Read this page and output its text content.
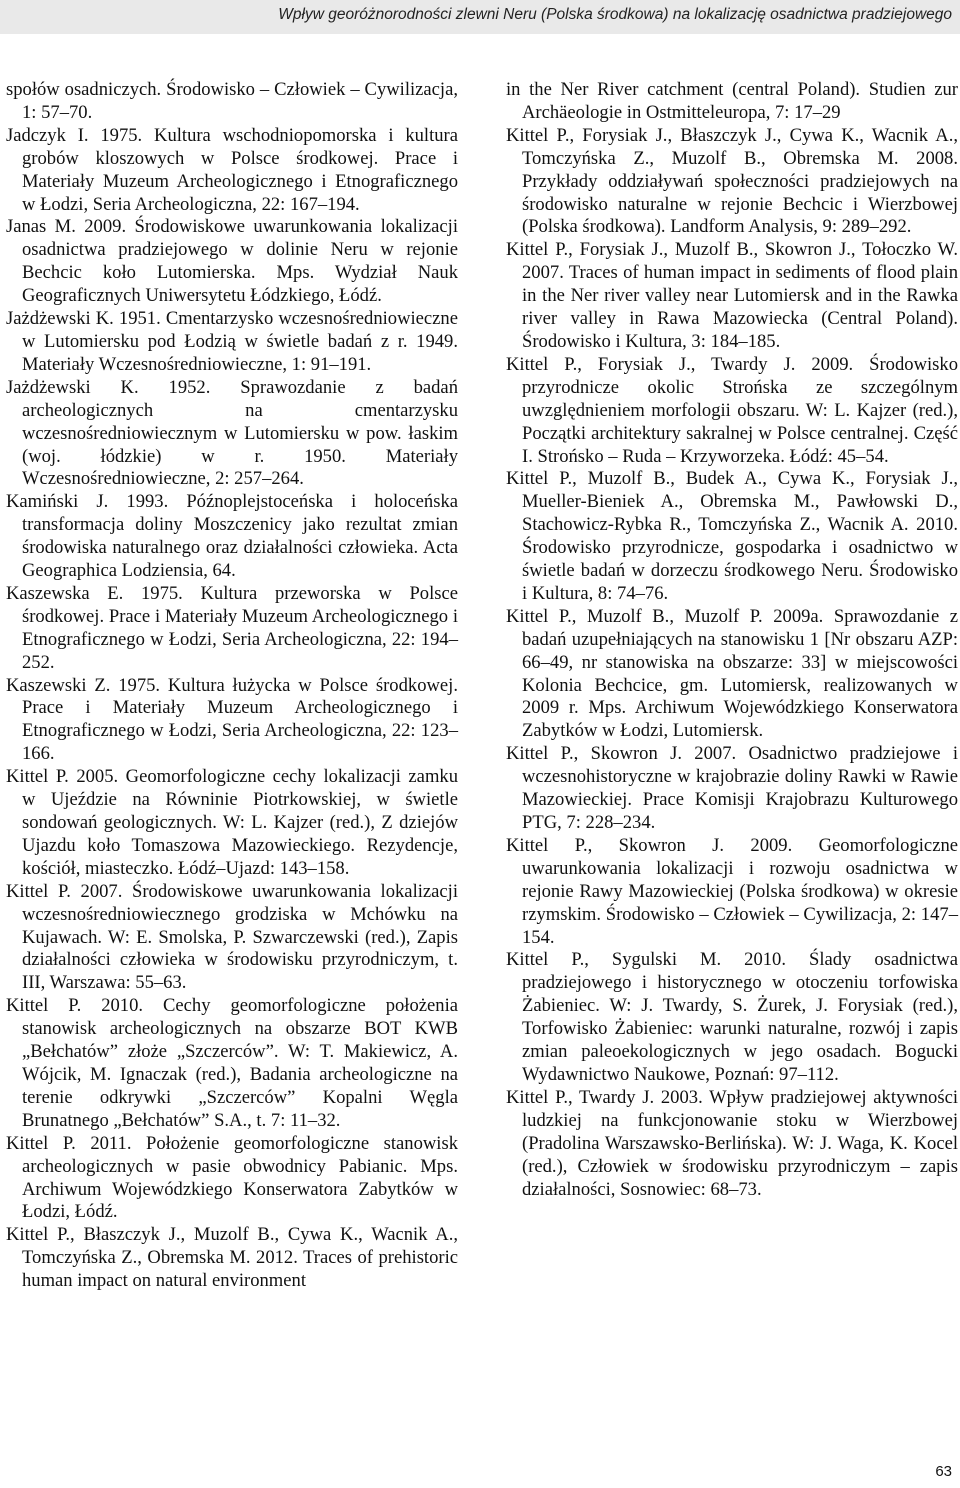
Wpływ georóżnorodności zlewni Neru (Polska środkowa) na lokalizację osadnictwa pradziejowego
społów osadniczych. Środowisko – Człowiek – Cywilizacja, 1: 57–70.
Jadczyk I. 1975. Kultura wschodniopomorska i kultura grobów kloszowych w Polsce środkowej. Prace i Materiały Muzeum Archeologicznego i Etnograficznego w Łodzi, Seria Archeologiczna, 22: 167–194.
Janas M. 2009. Środowiskowe uwarunkowania lokalizacji osadnictwa pradziejowego w dolinie Neru w rejonie Bechcic koło Lutomierska. Mps. Wydział Nauk Geograficznych Uniwersytetu Łódzkiego, Łódź.
Jażdżewski K. 1951. Cmentarzysko wczesnośredniowieczne w Lutomiersku pod Łodzią w świetle badań z r. 1949. Materiały Wczesnośredniowieczne, 1: 91–191.
Jażdżewski K. 1952. Sprawozdanie z badań archeologicznych na cmentarzysku wczesnośredniowiecznym w Lutomiersku w pow. łaskim (woj. łódzkie) w r. 1950. Materiały Wczesnośredniowieczne, 2: 257–264.
Kamiński J. 1993. Późnoplejstoceńska i holoceńska transformacja doliny Moszczenicy jako rezultat zmian środowiska naturalnego oraz działalności człowieka. Acta Geographica Lodziensia, 64.
Kaszewska E. 1975. Kultura przeworska w Polsce środkowej. Prace i Materiały Muzeum Archeologicznego i Etnograficznego w Łodzi, Seria Archeologiczna, 22: 194–252.
Kaszewski Z. 1975. Kultura łużycka w Polsce środkowej. Prace i Materiały Muzeum Archeologicznego i Etnograficznego w Łodzi, Seria Archeologiczna, 22: 123–166.
Kittel P. 2005. Geomorfologiczne cechy lokalizacji zamku w Ujeździe na Równinie Piotrkowskiej, w świetle sondowań geologicznych. W: L. Kajzer (red.), Z dziejów Ujazdu koło Tomaszowa Mazowieckiego. Rezydencje, kościół, miasteczko. Łódź–Ujazd: 143–158.
Kittel P. 2007. Środowiskowe uwarunkowania lokalizacji wczesnośredniowiecznego grodziska w Mchówku na Kujawach. W: E. Smolska, P. Szwarczewski (red.), Zapis działalności człowieka w środowisku przyrodniczym, t. III, Warszawa: 55–63.
Kittel P. 2010. Cechy geomorfologiczne położenia stanowisk archeologicznych na obszarze BOT KWB „Bełchatów” złoże „Szczerców”. W: T. Makiewicz, A. Wójcik, M. Ignaczak (red.), Badania archeologiczne na terenie odkrywki „Szczerców” Kopalni Węgla Brunatnego „Bełchatów” S.A., t. 7: 11–32.
Kittel P. 2011. Położenie geomorfologiczne stanowisk archeologicznych w pasie obwodnicy Pabianic. Mps. Archiwum Wojewódzkiego Konserwatora Zabytków w Łodzi, Łódź.
Kittel P., Błaszczyk J., Muzolf B., Cywa K., Wacnik A., Tomczyńska Z., Obremska M. 2012. Traces of prehistoric human impact on natural environment
in the Ner River catchment (central Poland). Studien zur Archäeologie in Ostmitteleuropa, 7: 17–29
Kittel P., Forysiak J., Błaszczyk J., Cywa K., Wacnik A., Tomczyńska Z., Muzolf B., Obremska M. 2008. Przykłady oddziaływań społeczności pradziejowych na środowisko naturalne w rejonie Bechcic i Wierzbowej (Polska środkowa). Landform Analysis, 9: 289–292.
Kittel P., Forysiak J., Muzolf B., Skowron J., Tołoczko W. 2007. Traces of human impact in sediments of flood plain in the Ner river valley near Lutomiersk and in the Rawka river valley in Rawa Mazowiecka (Central Poland). Środowisko i Kultura, 3: 184–185.
Kittel P., Forysiak J., Twardy J. 2009. Środowisko przyrodnicze okolic Strońska ze szczególnym uwzględnieniem morfologii obszaru. W: L. Kajzer (red.), Początki architektury sakralnej w Polsce centralnej. Część I. Strońsko – Ruda – Krzyworzeka. Łódź: 45–54.
Kittel P., Muzolf B., Budek A., Cywa K., Forysiak J., Mueller-Bieniek A., Obremska M., Pawłowski D., Stachowicz-Rybka R., Tomczyńska Z., Wacnik A. 2010. Środowisko przyrodnicze, gospodarka i osadnictwo w świetle badań w dorzeczu środkowego Neru. Środowisko i Kultura, 8: 74–76.
Kittel P., Muzolf B., Muzolf P. 2009a. Sprawozdanie z badań uzupełniających na stanowisku 1 [Nr obszaru AZP: 66–49, nr stanowiska na obszarze: 33] w miejscowości Kolonia Bechcice, gm. Lutomiersk, realizowanych w 2009 r. Mps. Archiwum Wojewódzkiego Konserwatora Zabytków w Łodzi, Lutomiersk.
Kittel P., Skowron J. 2007. Osadnictwo pradziejowe i wczesnohistoryczne w krajobrazie doliny Rawki w Rawie Mazowieckiej. Prace Komisji Krajobrazu Kulturowego PTG, 7: 228–234.
Kittel P., Skowron J. 2009. Geomorfologiczne uwarunkowania lokalizacji i rozwoju osadnictwa w rejonie Rawy Mazowieckiej (Polska środkowa) w okresie rzymskim. Środowisko – Człowiek – Cywilizacja, 2: 147–154.
Kittel P., Sygulski M. 2010. Ślady osadnictwa pradziejowego i historycznego w otoczeniu torfowiska Żabieniec. W: J. Twardy, S. Żurek, J. Forysiak (red.), Torfowisko Żabieniec: warunki naturalne, rozwój i zapis zmian paleoekologicznych w jego osadach. Bogucki Wydawnictwo Naukowe, Poznań: 97–112.
Kittel P., Twardy J. 2003. Wpływ pradziejowej aktywności ludzkiej na funkcjonowanie stoku w Wierzbowej (Pradolina Warszawsko-Berlińska). W: J. Waga, K. Kocel (red.), Człowiek w środowisku przyrodniczym – zapis działalności, Sosnowiec: 68–73.
63
